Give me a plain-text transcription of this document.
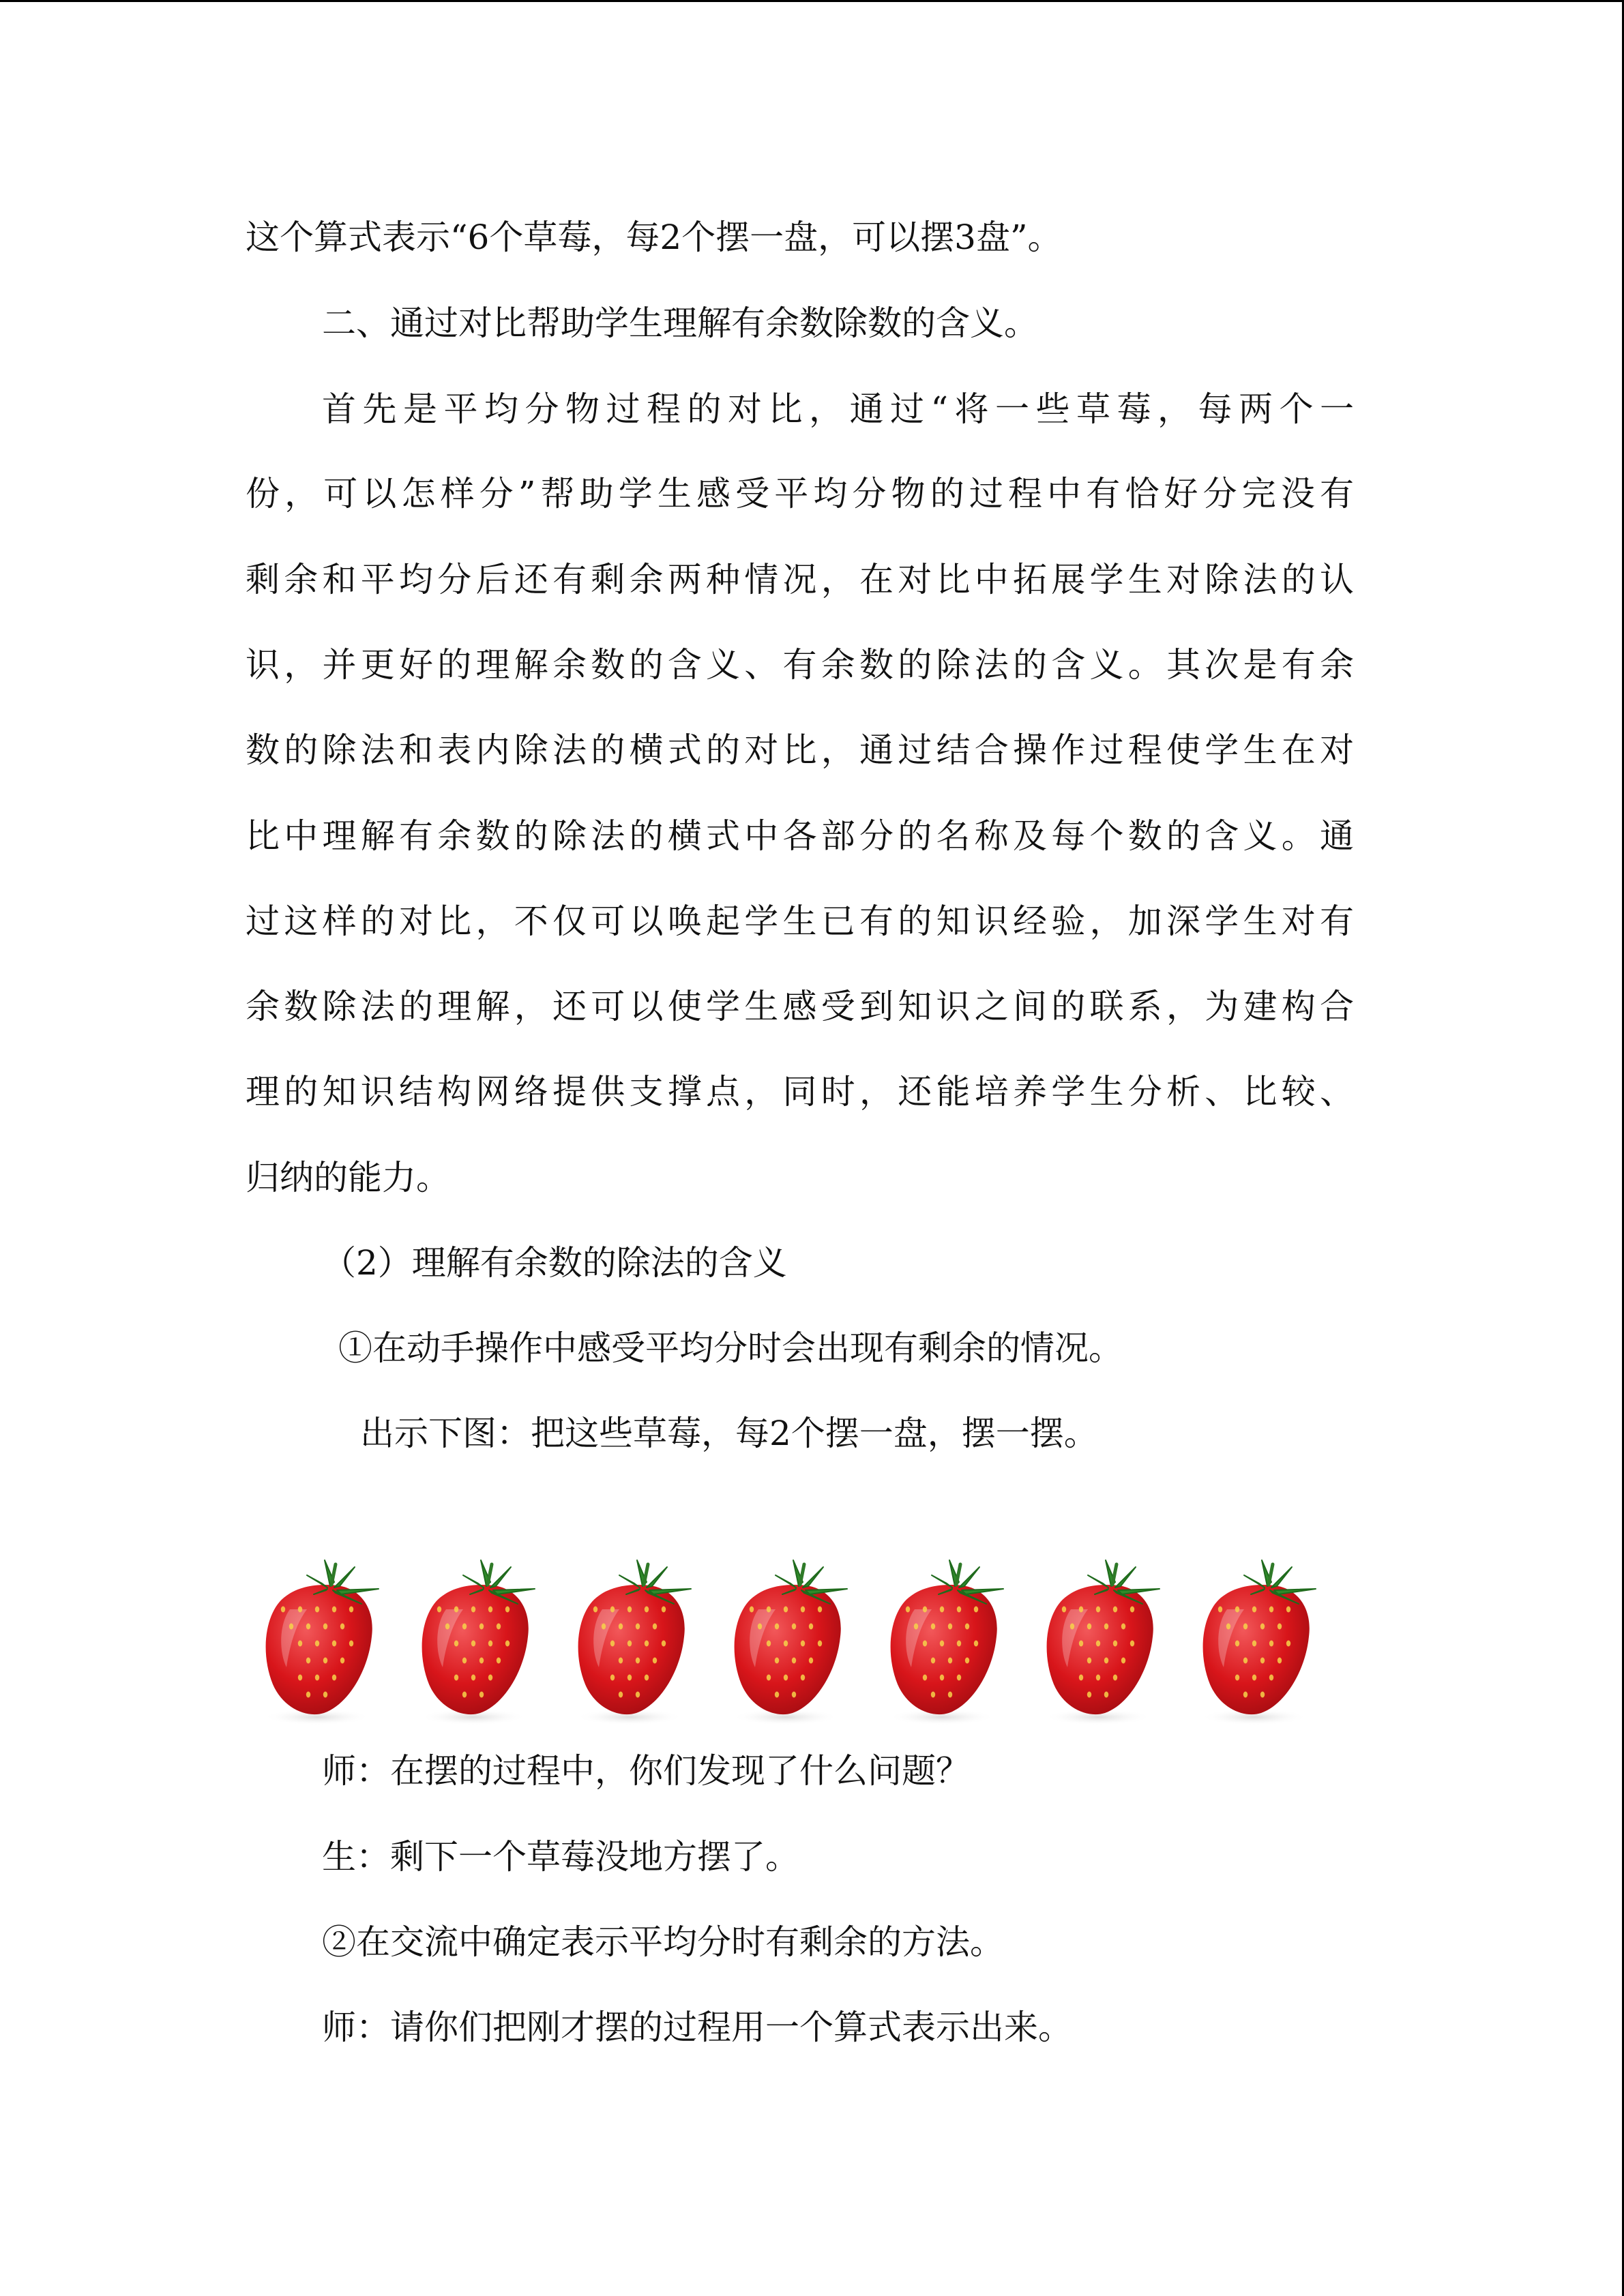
这个算式表示“6个草莓，每2个摆一盘，可以摆3盘”。
二、通过对比帮助学生理解有余数除数的含义。
首先是平均分物过程的对比，通过“将一些草莓，每两个一
份，可以怎样分”帮助学生感受平均分物的过程中有恰好分完没有
剩余和平均分后还有剩余两种情况，在对比中拓展学生对除法的认
识，并更好的理解余数的含义、有余数的除法的含义。其次是有余
数的除法和表内除法的横式的对比，通过结合操作过程使学生在对
比中理解有余数的除法的横式中各部分的名称及每个数的含义。通
过这样的对比，不仅可以唤起学生已有的知识经验，加深学生对有
余数除法的理解，还可以使学生感受到知识之间的联系，为建构合
理的知识结构网络提供支撑点，同时，还能培养学生分析、比较、
归纳的能力。
（2）理解有余数的除法的含义
①在动手操作中感受平均分时会出现有剩余的情况。
出示下图：把这些草莓，每2个摆一盘，摆一摆。
师：在摆的过程中，你们发现了什么问题？
生：剩下一个草莓没地方摆了。
②在交流中确定表示平均分时有剩余的方法。
师：请你们把刚才摆的过程用一个算式表示出来。
